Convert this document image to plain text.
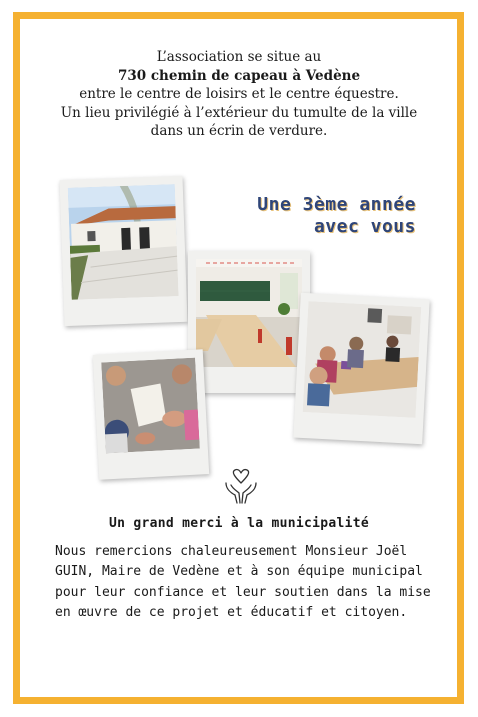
L’association se situe au
730 chemin de capeau à Vedène
entre le centre de loisirs et le centre équestre.
Un lieu privilégié à l’extérieur du tumulte de la ville
dans un écrin de verdure.
Une 3ème année
avec vous
Un grand merci à la municipalité
Nous remercions chaleureusement Monsieur Joël
GUIN, Maire de Vedène et à son équipe municipal
pour leur confiance et leur soutien dans la mise
en œuvre de ce projet et éducatif et citoyen.
